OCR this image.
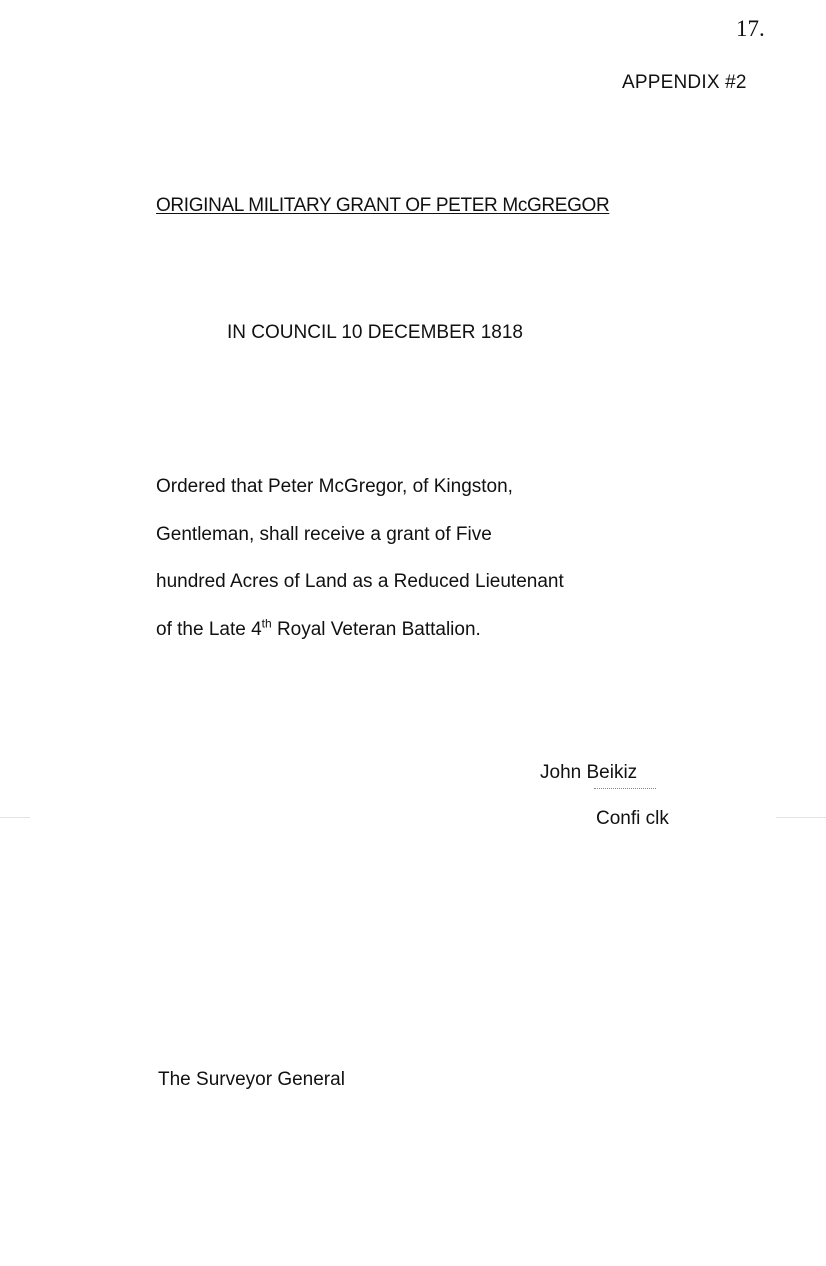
17.
APPENDIX #2
ORIGINAL MILITARY GRANT OF PETER McGREGOR
IN COUNCIL 10 DECEMBER 1818
Ordered that Peter McGregor, of Kingston,
Gentleman, shall receive a grant of Five
hundred Acres of Land as a Reduced Lieutenant
of the Late 4th Royal Veteran Battalion.
John Beikiz
Confi clk
The Surveyor General
